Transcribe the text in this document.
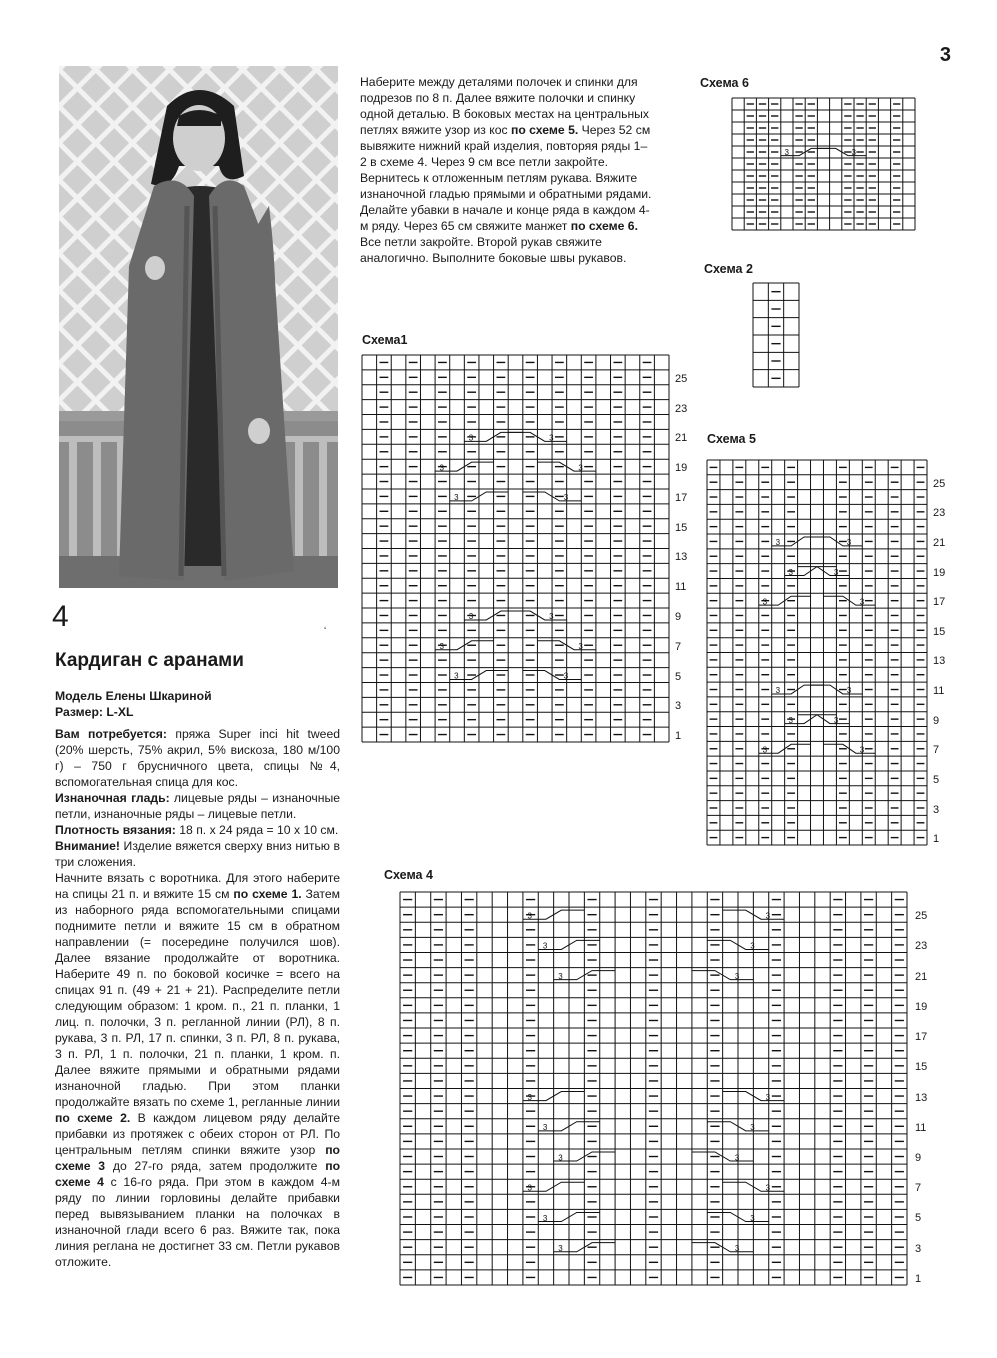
3
4	ʻ
Кардиган с аранами

Модель Елены Шкариной

Размер: L-XL

Вам потребуется: пряжа Super inci hit tweed (20% шерсть, 75% акрил, 5% вискоза, 180 м/100 г) – 750 г брусничного цвета, спицы №4, вспомогательная спица для кос.

Изнаночная гладь: лицевые ряды – изнаночные петли, изнаночные ряды – лицевые петли.

Плотность вязания: 18 п. х 24 ряда = 10 х 10 см.

Внимание! Изделие вяжется сверху вниз нитью в три сложения.

Начните вязать с воротника. Для этого наберите на спицы 21 п. и вяжите 15 см по схеме 1. Затем из наборного ряда вспомогательными спицами поднимите петли и вяжите 15 см в обратном направлении (= посередине получился шов). Далее вязание продолжайте от воротника. Наберите 49 п. по боковой косичке = всего на спицах 91 п. (49 + 21 + 21). Распределите петли следующим образом: 1 кром. п., 21 п. планки, 1 лиц. п. полочки, 3 п. регланной линии (РЛ), 8 п. рукава, 3 п. РЛ, 17 п. спинки, 3 п. РЛ, 8 п. рукава, 3 п. РЛ, 1 п. полочки, 21 п. планки, 1 кром. п. Далее вяжите прямыми и обратными рядами изнаночной гладью. При этом планки продолжайте вязать по схеме 1, регланные линии по схеме 2. В каждом лицевом ряду делайте прибавки из протяжек с обеих сторон от РЛ. По центральным петлям спинки вяжите узор по схеме 3 до 27-го ряда, затем продолжите по схеме 4 с 16-го ряда. При этом в каждом 4-м ряду по линии горловины делайте прибавки перед вывязыванием планки на полочках в изнаночной глади всего 6 раз. Вяжите так, пока линия реглана не достигнет 33 см. Петли рукавов отложите.

Наберите между деталями полочек и спинки для подрезов по 8 п. Далее вяжите полочки и спинку одной деталью. В боковых местах на центральных петлях вяжите узор из кос по схеме 5. Через 52 см вывяжите нижний край изделия, повторяя ряды 1–2 в схеме 4. Через 9 см все петли закройте.

Вернитесь к отложенным петлям рукава. Вяжите изнаночной гладью прямыми и обратными рядами. Делайте убавки в начале и конце ряда в каждом 4-м ряду. Через 65 см свяжите манжет по схеме 6. Все петли закройте. Второй рукав свяжите аналогично. Выполните боковые швы рукавов.

Схема 6
Схема 2
Схема1
Схема 5
Схема 4
3	3
3	3
3	3
3	3
3	3
3	3
3	3
3	3
3	3
3	3
3	3
3	3
3	3
3	3
3	3
3	3
3	3
3	3
3	3
3	3
3	3
3	3
25
23
21
19
17
15
13
11
9
7
5
3
1
25
23
21
19
17
15
13
11
9
7
5
3
1
25
23
21
19
17
15
13
11
9
7
5
3
1
